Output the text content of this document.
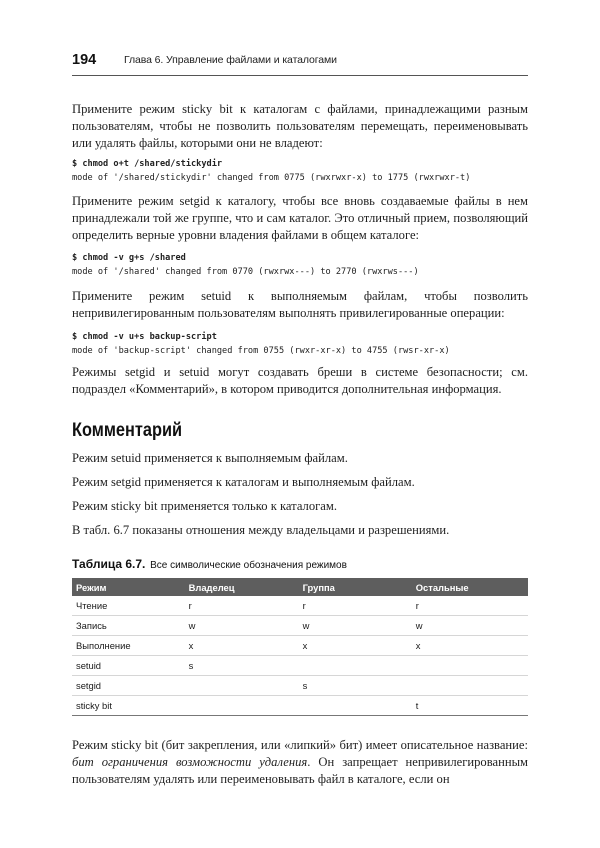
194	Глава 6. Управление файлами и каталогами

Примените режим sticky bit к каталогам с файлами, принадлежащими разным пользователям, чтобы не позволить пользователям перемещать, переименовывать или удалять файлы, которыми они не владеют:

$ chmod o+t /shared/stickydir
mode of '/shared/stickydir' changed from 0775 (rwxrwxr-x) to 1775 (rwxrwxr-t)

Примените режим setgid к каталогу, чтобы все вновь создаваемые файлы в нем принадлежали той же группе, что и сам каталог. Это отличный прием, позволяющий определить верные уровни владения файлами в общем каталоге:

$ chmod -v g+s /shared
mode of '/shared' changed from 0770 (rwxrwx---) to 2770 (rwxrws---)

Примените режим setuid к выполняемым файлам, чтобы позволить непривилегированным пользователям выполнять привилегированные операции:

$ chmod -v u+s backup-script
mode of 'backup-script' changed from 0755 (rwxr-xr-x) to 4755 (rwsr-xr-x)

Режимы setgid и setuid могут создавать бреши в системе безопасности; см. подраздел «Комментарий», в котором приводится дополнительная информация.

Комментарий

Режим setuid применяется к выполняемым файлам.

Режим setgid применяется к каталогам и выполняемым файлам.

Режим sticky bit применяется только к каталогам.

В табл. 6.7 показаны отношения между владельцами и разрешениями.

Таблица 6.7. Все символические обозначения режимов
Режим	Владелец	Группа	Остальные
Чтение	r	r	r
Запись	w	w	w
Выполнение	x	x	x
setuid	s		
setgid		s	
sticky bit			t

Режим sticky bit (бит закрепления, или «липкий» бит) имеет описательное название: бит ограничения возможности удаления. Он запрещает непривилегированным пользователям удалять или переименовывать файл в каталоге, если он
